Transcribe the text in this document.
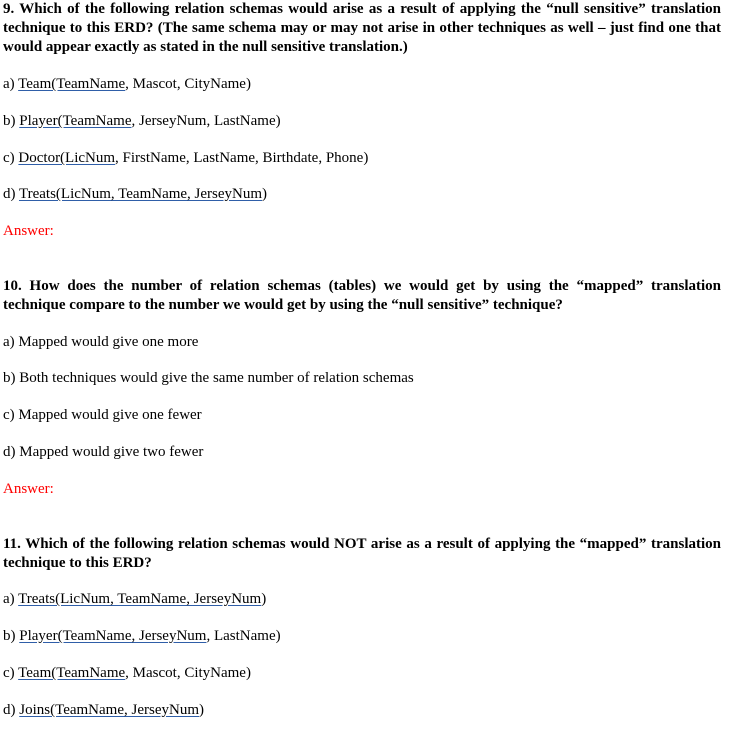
9. Which of the following relation schemas would arise as a result of applying the “null sensitive” translation technique to this ERD? (The same schema may or may not arise in other techniques as well – just find one that would appear exactly as stated in the null sensitive translation.)
a) Team(TeamName, Mascot, CityName)
b) Player(TeamName, JerseyNum, LastName)
c) Doctor(LicNum, FirstName, LastName, Birthdate, Phone)
d) Treats(LicNum, TeamName, JerseyNum)
Answer:
10. How does the number of relation schemas (tables) we would get by using the “mapped” translation technique compare to the number we would get by using the “null sensitive” technique?
a) Mapped would give one more
b) Both techniques would give the same number of relation schemas
c) Mapped would give one fewer
d) Mapped would give two fewer
Answer:
11. Which of the following relation schemas would NOT arise as a result of applying the “mapped” translation technique to this ERD?
a) Treats(LicNum, TeamName, JerseyNum)
b) Player(TeamName, JerseyNum, LastName)
c) Team(TeamName, Mascot, CityName)
d) Joins(TeamName, JerseyNum)
